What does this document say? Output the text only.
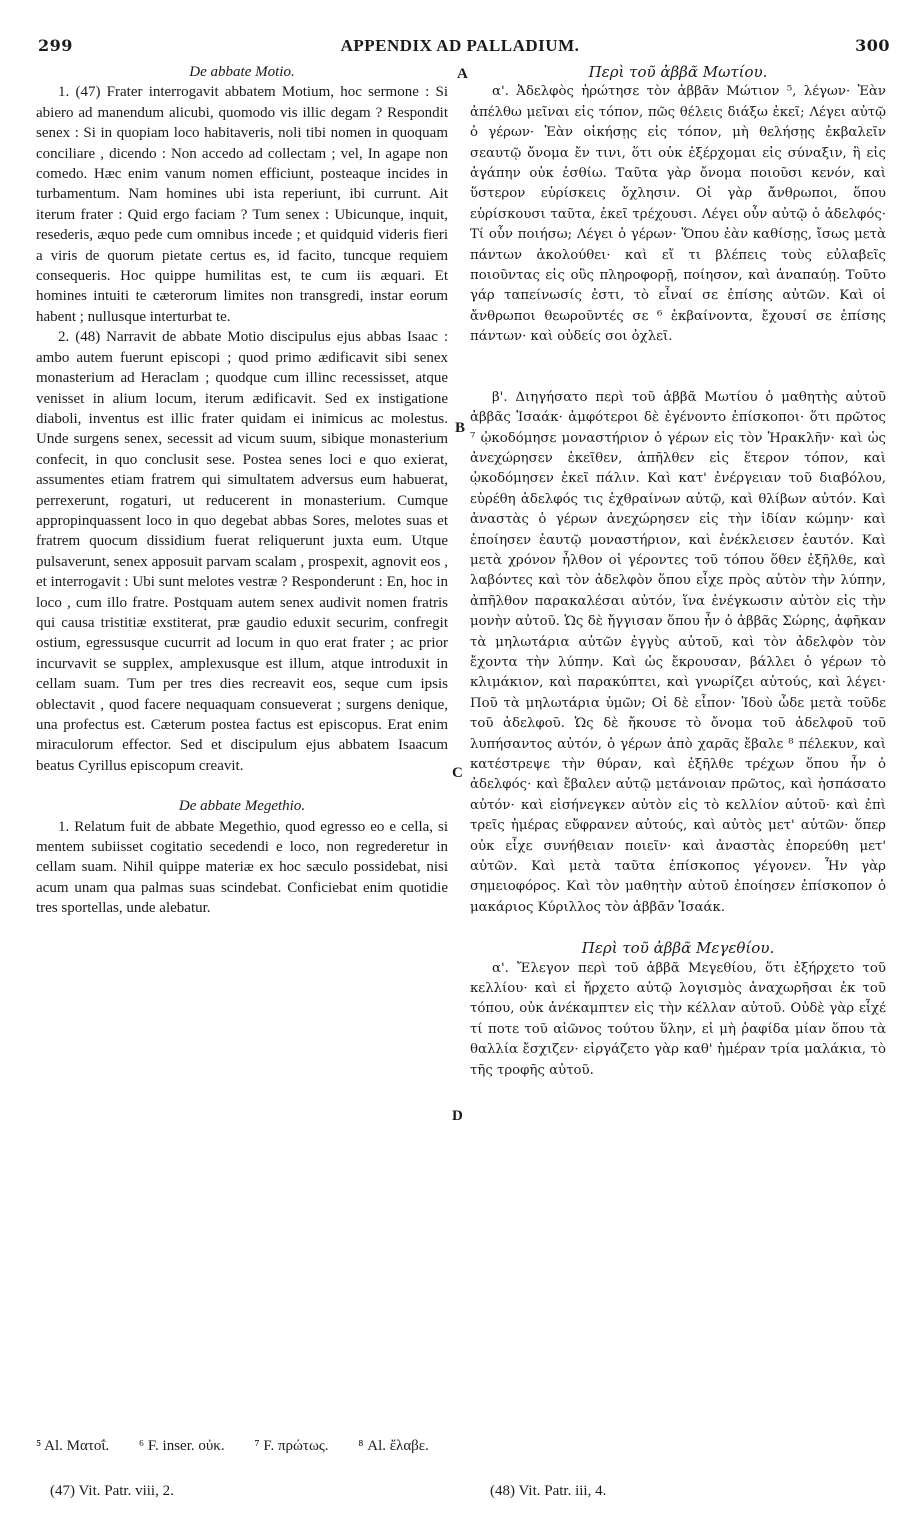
299	APPENDIX AD PALLADIUM.	300

De abbate Motio.

1. (47) Frater interrogavit abbatem Motium, hoc sermone : Si abiero ad manendum alicubi, quomodo vis illic degam ? Respondit senex : Si in quopiam loco habitaveris, noli tibi nomen in quoquam conciliare , dicendo : Non accedo ad collectam ; vel, In agape non comedo. Hæc enim vanum nomen efficiunt, posteaque incides in turbamentum. Nam homines ubi ista reperiunt, ibi currunt. Ait iterum frater : Quid ergo faciam ? Tum senex : Ubicunque, inquit, resederis, æquo pede cum omnibus incede ; et quidquid videris fieri a viris de quorum pietate certus es, id facito, tuncque requiem consequeris. Hoc quippe humilitas est, te cum iis æquari. Et homines intuiti te cæterorum limites non transgredi, instar eorum habent ; nullusque interturbat te.

2. (48) Narravit de abbate Motio discipulus ejus abbas Isaac : ambo autem fuerunt episcopi ; quod primo ædificavit sibi senex monasterium ad Heraclam ; quodque cum illinc recessisset, atque venisset in alium locum, iterum ædificavit. Sed ex instigatione diaboli, inventus est illic frater quidam ei inimicus ac molestus. Unde surgens senex, secessit ad vicum suum, sibique monasterium confecit, in quo conclusit sese. Postea senes loci e quo exierat, assumentes etiam fratrem qui simultatem adversus eum habuerat, perrexerunt, rogaturi, ut reducerent in monasterium. Cumque appropinquassent loco in quo degebat abbas Sores, melotes suas et fratrem quocum dissidium fuerat reliquerunt juxta eum. Utque pulsaverunt, senex apposuit parvam scalam , prospexit, agnovit eos , et interrogavit : Ubi sunt melotes vestræ ? Responderunt : En, hoc in loco , cum illo fratre. Postquam autem senex audivit nomen fratris qui causa tristitiæ exstiterat, præ gaudio eduxit securim, confregit ostium, egressusque cucurrit ad locum in quo erat frater ; ac prior incurvavit se supplex, amplexusque est illum, atque introduxit in cellam suam. Tum per tres dies recreavit eos, seque cum ipsis oblectavit , quod facere nequaquam consueverat ; surgens denique, una profectus est. Cæterum postea factus est episcopus. Erat enim miraculorum effector. Sed et discipulum ejus abbatem Isaacum beatus Cyrillus episcopum creavit.

De abbate Megethio.

1. Relatum fuit de abbate Megethio, quod egresso eo e cella, si mentem subiisset cogitatio secedendi e loco, non regrederetur in cellam suam. Nihil quippe materiæ ex hoc sæculo possidebat, nisi acum unam qua palmas suas scindebat. Conficiebat enim quotidie tres sportellas, unde alebatur.

Περὶ τοῦ ἀββᾶ Μωτίου.

α'. Ἀδελφὸς ἠρώτησε τὸν ἀββᾶν Μώτιον ⁵, λέγων· Ἐὰν ἀπέλθω μεῖναι εἰς τόπον, πῶς θέλεις διάξω ἐκεῖ; Λέγει αὐτῷ ὁ γέρων· Ἐὰν οἰκήσῃς εἰς τόπον, μὴ θελήσῃς ἐκβαλεῖν σεαυτῷ ὄνομα ἔν τινι, ὅτι οὐκ ἐξέρχομαι εἰς σύναξιν, ἢ εἰς ἀγάπην οὐκ ἐσθίω. Ταῦτα γὰρ ὄνομα ποιοῦσι κενόν, καὶ ὕστερον εὑρίσκεις ὄχλησιν. Οἱ γὰρ ἄνθρωποι, ὅπου εὑρίσκουσι ταῦτα, ἐκεῖ τρέχουσι. Λέγει οὖν αὐτῷ ὁ ἀδελφός· Τί οὖν ποιήσω; Λέγει ὁ γέρων· Ὅπου ἐὰν καθίσῃς, ἴσως μετὰ πάντων ἀκολούθει· καὶ εἴ τι βλέπεις τοὺς εὐλαβεῖς ποιοῦντας εἰς οὓς πληροφορῇ, ποίησον, καὶ ἀναπαύῃ. Τοῦτο γάρ ταπείνωσίς ἐστι, τὸ εἶναί σε ἐπίσης αὐτῶν. Καὶ οἱ ἄνθρωποι θεωροῦντές σε ⁶ ἐκβαίνοντα, ἔχουσί σε ἐπίσης πάντων· καὶ οὐδείς σοι ὀχλεῖ.

β'. Διηγήσατο περὶ τοῦ ἀββᾶ Μωτίου ὁ μαθητὴς αὐτοῦ ἀββᾶς Ἰσαάκ· ἀμφότεροι δὲ ἐγένοντο ἐπίσκοποι· ὅτι πρῶτος ⁷ ᾠκοδόμησε μοναστήριον ὁ γέρων εἰς τὸν Ἡρακλῆν· καὶ ὡς ἀνεχώρησεν ἐκεῖθεν, ἀπῆλθεν εἰς ἕτερον τόπον, καὶ ᾠκοδόμησεν ἐκεῖ πάλιν. Καὶ κατ' ἐνέργειαν τοῦ διαβόλου, εὑρέθη ἀδελφός τις ἐχθραίνων αὐτῷ, καὶ θλίβων αὐτόν. Καὶ ἀναστὰς ὁ γέρων ἀνεχώρησεν εἰς τὴν ἰδίαν κώμην· καὶ ἐποίησεν ἑαυτῷ μοναστήριον, καὶ ἐνέκλεισεν ἑαυτόν. Καὶ μετὰ χρόνον ἦλθον οἱ γέροντες τοῦ τόπου ὅθεν ἐξῆλθε, καὶ λαβόντες καὶ τὸν ἀδελφὸν ὅπου εἶχε πρὸς αὐτὸν τὴν λύπην, ἀπῆλθον παρακαλέσαι αὐτόν, ἵνα ἐνέγκωσιν αὐτὸν εἰς τὴν μονὴν αὐτοῦ. Ὡς δὲ ἤγγισαν ὅπου ἦν ὁ ἀββᾶς Σώρης, ἀφῆκαν τὰ μηλωτάρια αὐτῶν ἐγγὺς αὐτοῦ, καὶ τὸν ἀδελφὸν τὸν ἔχοντα τὴν λύπην. Καὶ ὡς ἔκρουσαν, βάλλει ὁ γέρων τὸ κλιμάκιον, καὶ παρακύπτει, καὶ γνωρίζει αὐτούς, καὶ λέγει· Ποῦ τὰ μηλωτάρια ὑμῶν; Οἱ δὲ εἶπον· Ἰδοὺ ὧδε μετὰ τοῦδε τοῦ ἀδελφοῦ. Ὡς δὲ ἤκουσε τὸ ὄνομα τοῦ ἀδελφοῦ τοῦ λυπήσαντος αὐτόν, ὁ γέρων ἀπὸ χαρᾶς ἔβαλε ⁸ πέλεκυν, καὶ κατέστρεψε τὴν θύραν, καὶ ἐξῆλθε τρέχων ὅπου ἦν ὁ ἀδελφός· καὶ ἔβαλεν αὐτῷ μετάνοιαν πρῶτος, καὶ ἠσπάσατο αὐτόν· καὶ εἰσήνεγκεν αὐτὸν εἰς τὸ κελλίον αὐτοῦ· καὶ ἐπὶ τρεῖς ἡμέρας εὔφρανεν αὐτούς, καὶ αὐτὸς μετ' αὐτῶν· ὅπερ οὐκ εἶχε συνήθειαν ποιεῖν· καὶ ἀναστὰς ἐπορεύθη μετ' αὐτῶν. Καὶ μετὰ ταῦτα ἐπίσκοπος γέγονεν. Ἦν γὰρ σημειοφόρος. Καὶ τὸν μαθητὴν αὐτοῦ ἐποίησεν ἐπίσκοπον ὁ μακάριος Κύριλλος τὸν ἀββᾶν Ἰσαάκ.

Περὶ τοῦ ἀββᾶ Μεγεθίου.

α'. Ἔλεγον περὶ τοῦ ἀββᾶ Μεγεθίου, ὅτι ἐξήρχετο τοῦ κελλίου· καὶ εἰ ἤρχετο αὐτῷ λογισμὸς ἀναχωρῆσαι ἐκ τοῦ τόπου, οὐκ ἀνέκαμπτεν εἰς τὴν κέλλαν αὐτοῦ. Οὐδὲ γὰρ εἶχέ τί ποτε τοῦ αἰῶνος τούτου ὕλην, εἰ μὴ ῥαφίδα μίαν ὅπου τὰ θαλλία ἔσχιζεν· εἰργάζετο γὰρ καθ' ἡμέραν τρία μαλάκια, τὸ τῆς τροφῆς αὐτοῦ.

A
B
C
D
⁵ Al. Ματοΐ. ⁶ F. inser. οὐκ. ⁷ F. πρώτως. ⁸ Al. ἔλαβε.
(47) Vit. Patr. viii, 2.	(48) Vit. Patr. iii, 4.
